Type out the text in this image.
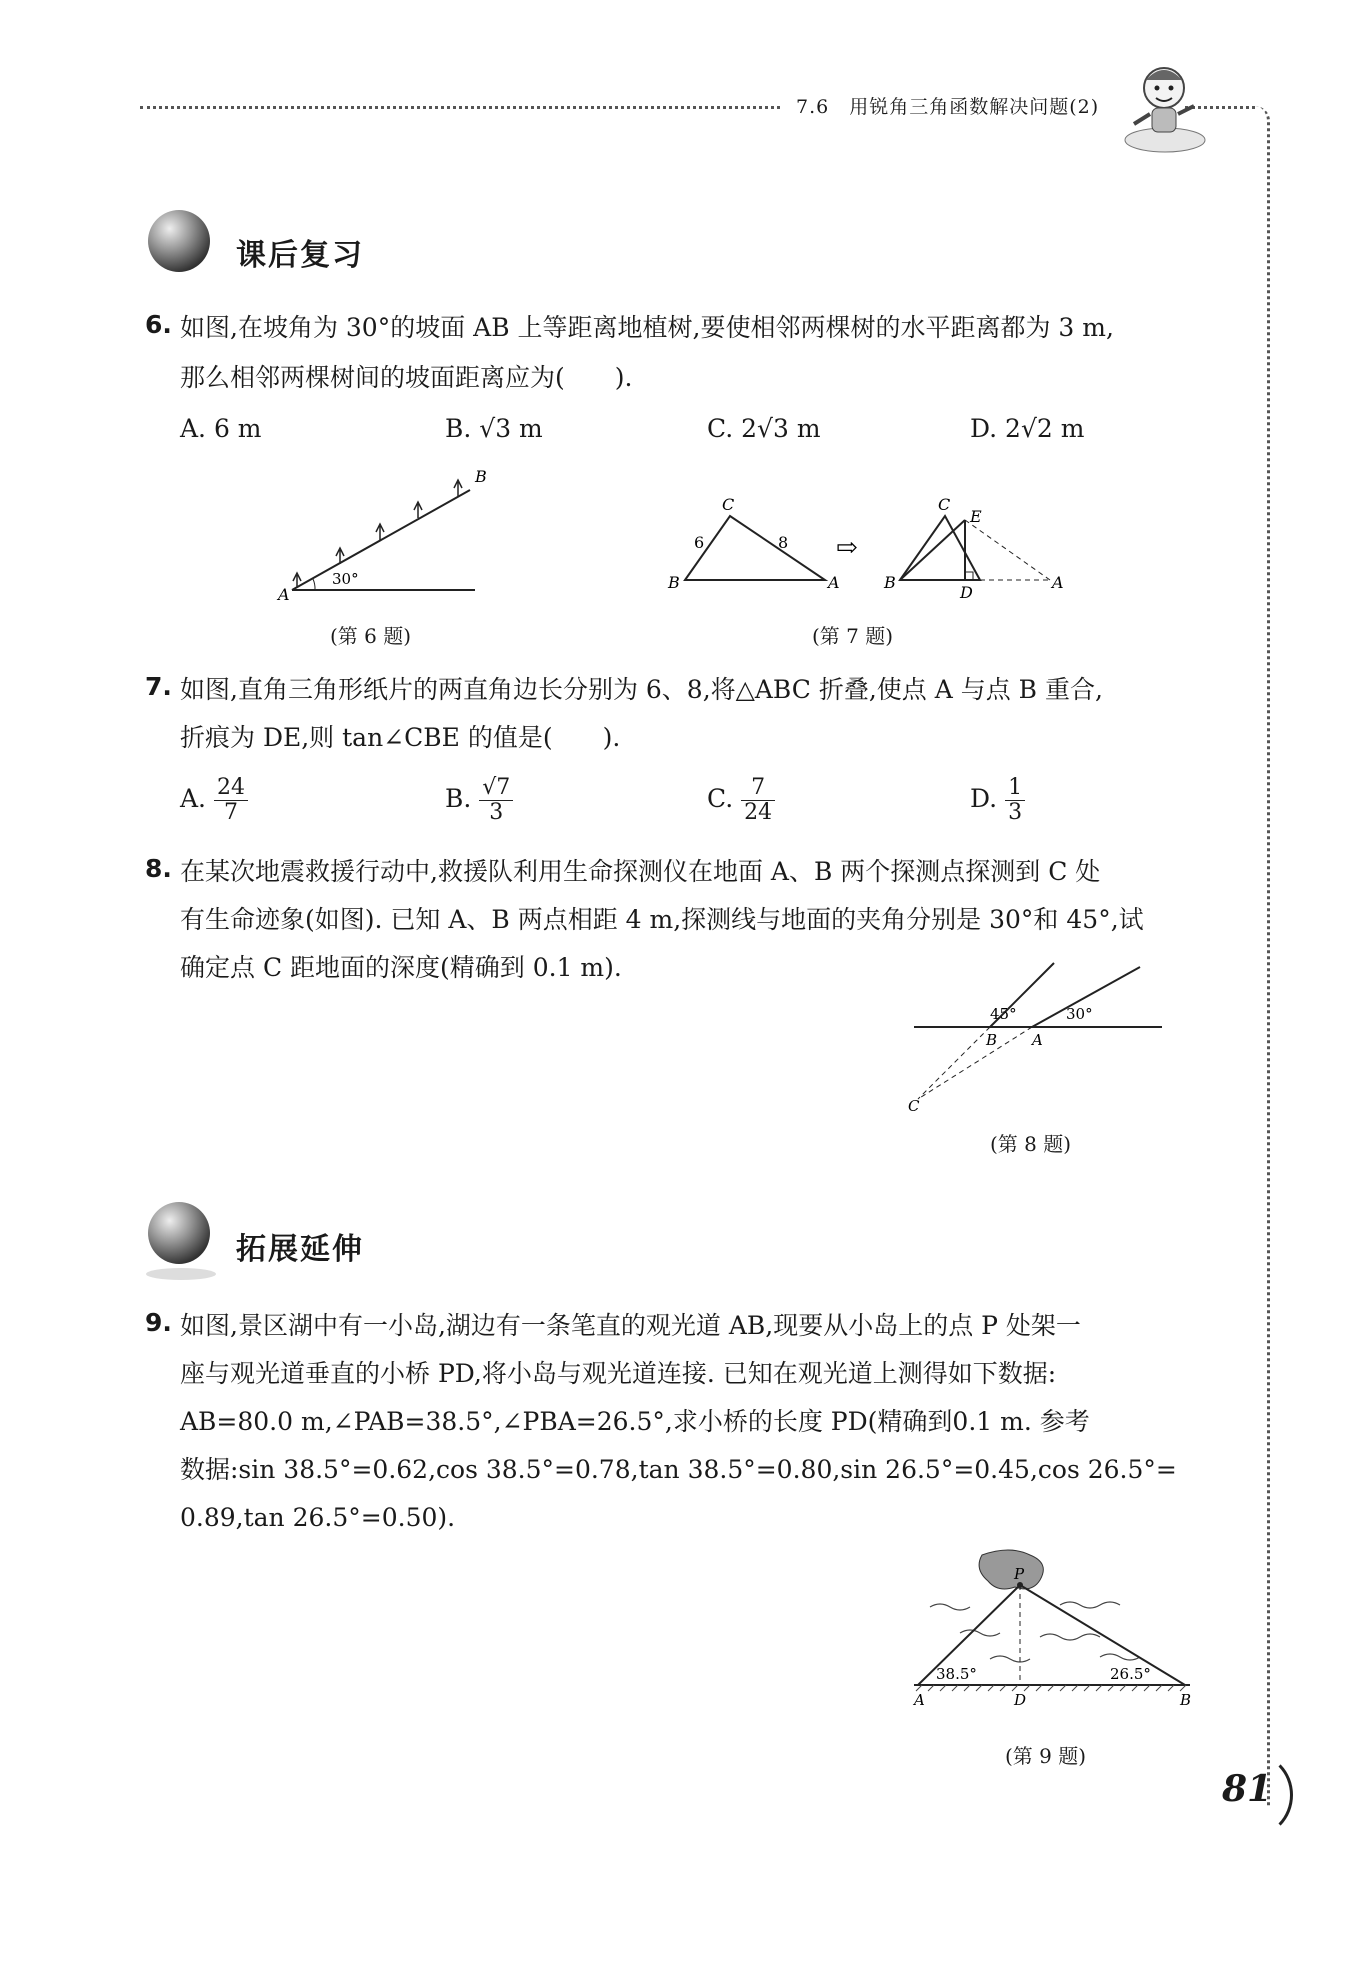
7.6　用锐角三角函数解决问题(2)
课后复习
6. 如图,在坡角为 30°的坡面 AB 上等距离地植树,要使相邻两棵树的水平距离都为 3 m,
那么相邻两棵树间的坡面距离应为(　　).
A. 6 m	B. √3 m	C. 2√3 m	D. 2√2 m
A
B
30°
(第 6 题)
C
B	A
6	8 ⇨
C
E
B
D
A
(第 7 题)
7. 如图,直角三角形纸片的两直角边长分别为 6、8,将△ABC 折叠,使点 A 与点 B 重合,
折痕为 DE,则 tan∠CBE 的值是(　　).
A. $\frac{24}{7}$	B. $\frac{√7}{3}$	C. $\frac{7}{24}$	D. $\frac{1}{3}$
8. 在某次地震救援行动中,救援队利用生命探测仪在地面 A、B 两个探测点探测到 C 处
有生命迹象(如图). 已知 A、B 两点相距 4 m,探测线与地面的夹角分别是 30°和 45°,试
确定点 C 距地面的深度(精确到 0.1 m).
45°	30°
B A
C
(第 8 题)
拓展延伸
9. 如图,景区湖中有一小岛,湖边有一条笔直的观光道 AB,现要从小岛上的点 P 处架一
座与观光道垂直的小桥 PD,将小岛与观光道连接. 已知在观光道上测得如下数据:
AB=80.0 m,∠PAB=38.5°,∠PBA=26.5°,求小桥的长度 PD(精确到0.1 m. 参考
数据:sin 38.5°=0.62,cos 38.5°=0.78,tan 38.5°=0.80,sin 26.5°=0.45,cos 26.5°=
0.89,tan 26.5°=0.50).
P
38.5°	26.5°
A	D	B
(第 9 题)
81
